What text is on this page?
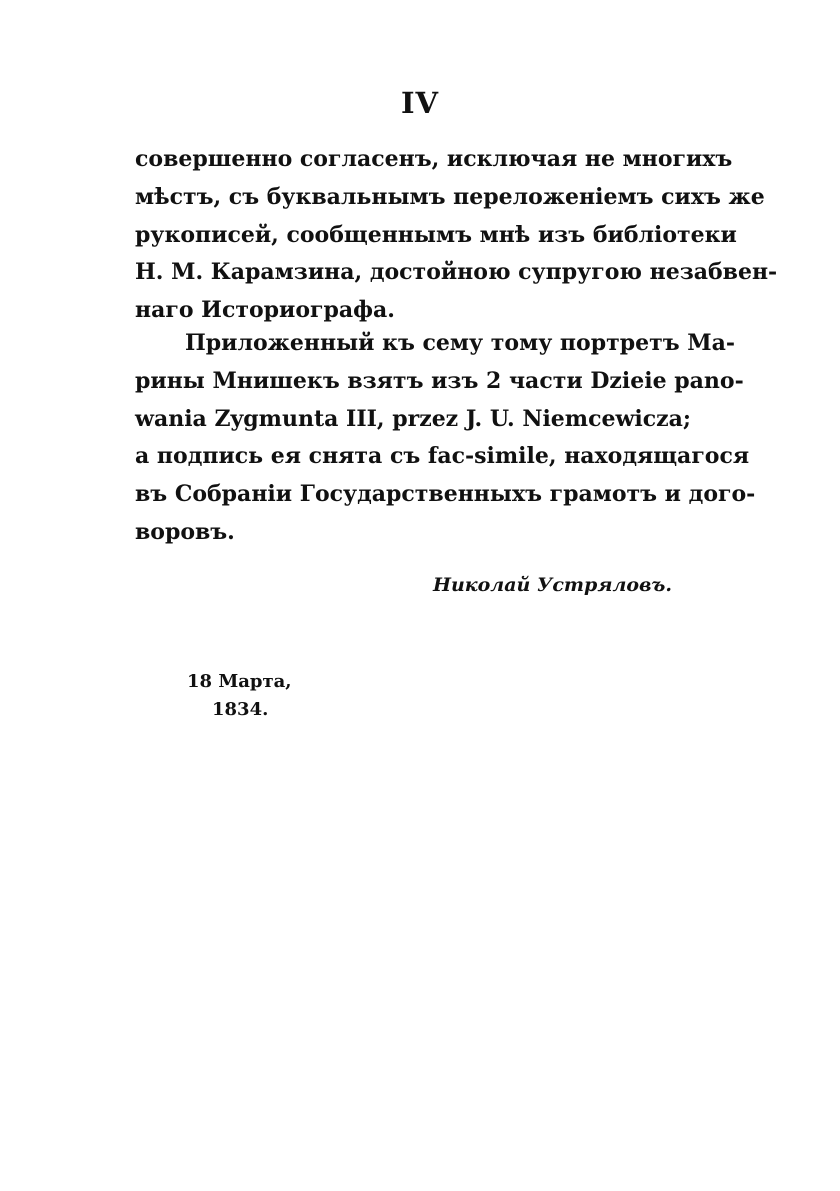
IV
совершенно согласенъ, исключая не многихъ
мѣстъ, съ буквальнымъ переложенiемъ сихъ же
рукописей, сообщеннымъ мнѣ изъ библiотеки
Н. М. Карамзина, достойною супругою незабвен-
наго Историографа.
Приложенный къ сему тому портретъ Ма-
рины Мнишекъ взятъ изъ 2 части Dzieie pano-
wania Zygmunta III, przez J. U. Niemcewicza;
а подпись ея снята съ fac-simile, находящагося
въ Собранiи Государственныхъ грамотъ и дого-
воровъ.
Николай Устряловъ.
18 Марта,
1834.
